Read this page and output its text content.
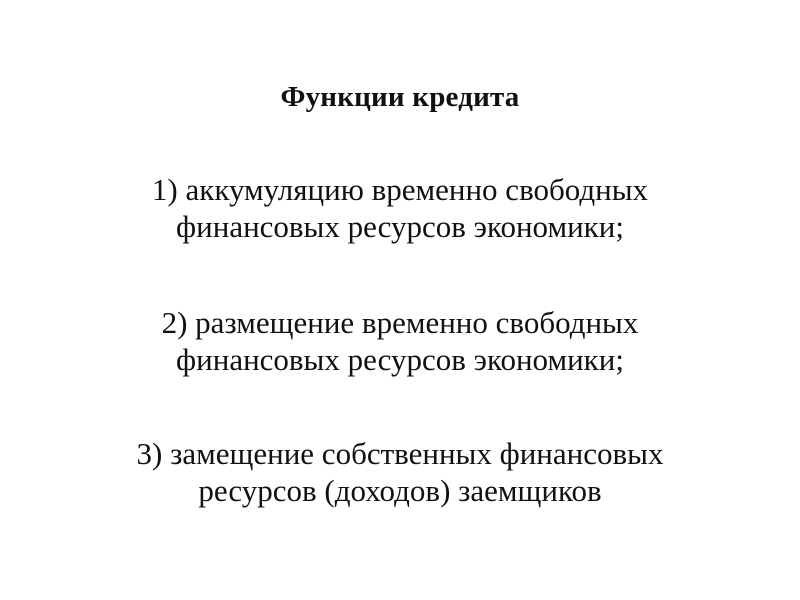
Функции кредита
1) аккумуляцию временно свободных
финансовых ресурсов экономики;
2) размещение временно свободных
финансовых ресурсов экономики;
3) замещение собственных финансовых
ресурсов (доходов) заемщиков
